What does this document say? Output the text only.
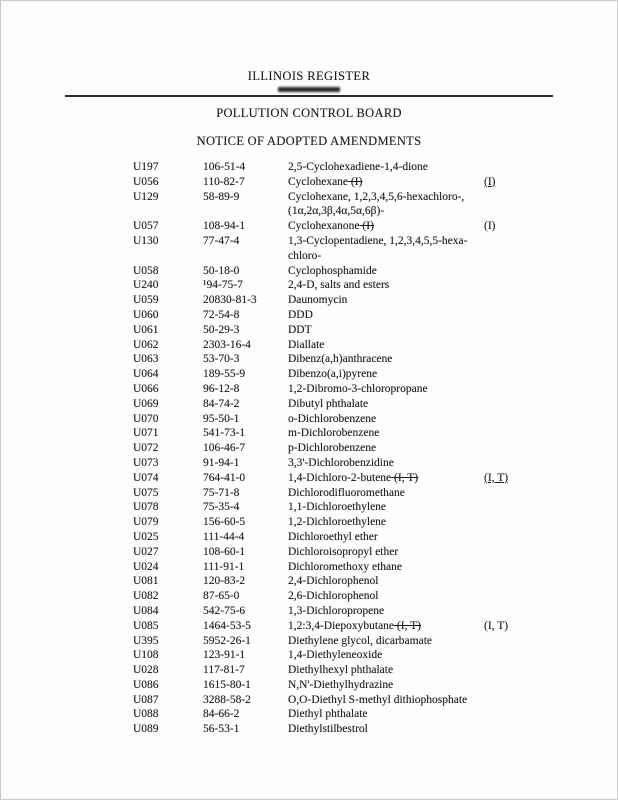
ILLINOIS REGISTER
POLLUTION CONTROL BOARD
NOTICE OF ADOPTED AMENDMENTS
U197	106-51-4	2,5-Cyclohexadiene-1,4-dione
U056	110-82-7	Cyclohexane (I)	(I)
U129	58-89-9	Cyclohexane, 1,2,3,4,5,6-hexachloro-,
(1α,2α,3β,4α,5α,6β)-
U057	108-94-1	Cyclohexanone (I)	(I)
U130	77-47-4	1,3-Cyclopentadiene, 1,2,3,4,5,5-hexa-
chloro-
U058	50-18-0	Cyclophosphamide
U240	¹94-75-7	2,4-D, salts and esters
U059	20830-81-3	Daunomycin
U060	72-54-8	DDD
U061	50-29-3	DDT
U062	2303-16-4	Diallate
U063	53-70-3	Dibenz(a,h)anthracene
U064	189-55-9	Dibenzo(a,i)pyrene
U066	96-12-8	1,2-Dibromo-3-chloropropane
U069	84-74-2	Dibutyl phthalate
U070	95-50-1	o-Dichlorobenzene
U071	541-73-1	m-Dichlorobenzene
U072	106-46-7	p-Dichlorobenzene
U073	91-94-1	3,3'-Dichlorobenzidine
U074	764-41-0	1,4-Dichloro-2-butene (I, T)	(I, T)
U075	75-71-8	Dichlorodifluoromethane
U078	75-35-4	1,1-Dichloroethylene
U079	156-60-5	1,2-Dichloroethylene
U025	111-44-4	Dichloroethyl ether
U027	108-60-1	Dichloroisopropyl ether
U024	111-91-1	Dichloromethoxy ethane
U081	120-83-2	2,4-Dichlorophenol
U082	87-65-0	2,6-Dichlorophenol
U084	542-75-6	1,3-Dichloropropene
U085	1464-53-5	1,2:3,4-Diepoxybutane (I, T)	(I, T)
U395	5952-26-1	Diethylene glycol, dicarbamate
U108	123-91-1	1,4-Diethyleneoxide
U028	117-81-7	Diethylhexyl phthalate
U086	1615-80-1	N,N'-Diethylhydrazine
U087	3288-58-2	O,O-Diethyl S-methyl dithiophosphate
U088	84-66-2	Diethyl phthalate
U089	56-53-1	Diethylstilbestrol
